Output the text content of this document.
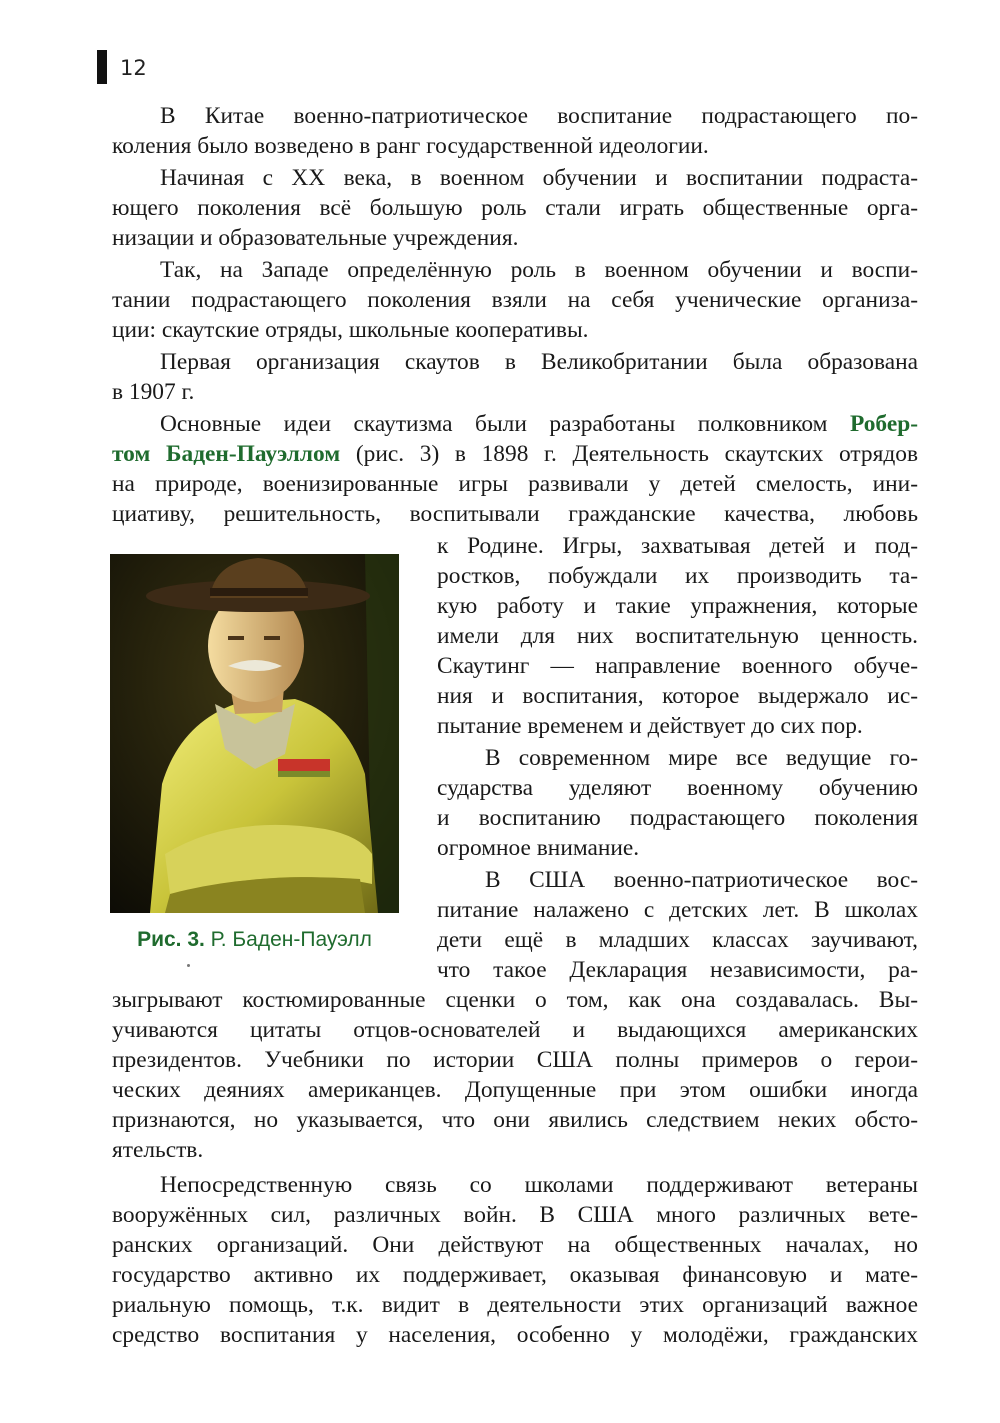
12
В Китае военно-патриотическое воспитание подрастающего по-
коления было возведено в ранг государственной идеологии.
Начиная с XX века, в военном обучении и воспитании подраста-
ющего поколения всё большую роль стали играть общественные орга-
низации и образовательные учреждения.
Так, на Западе определённую роль в военном обучении и воспи-
тании подрастающего поколения взяли на себя ученические организа-
ции: скаутские отряды, школьные кооперативы.
Первая организация скаутов в Великобритании была образована
в 1907 г.
Основные идеи скаутизма были разработаны полковником Робер-
том Баден-Пауэллом (рис. 3) в 1898 г. Деятельность скаутских отрядов
на природе, военизированные игры развивали у детей смелость, ини-
циативу, решительность, воспитывали гражданские качества, любовь
к Родине. Игры, захватывая детей и под-
ростков, побуждали их производить та-
кую работу и такие упражнения, которые
имели для них воспитательную ценность.
Скаутинг — направление военного обуче-
ния и воспитания, которое выдержало ис-
пытание временем и действует до сих пор.
В современном мире все ведущие го-
сударства уделяют военному обучению
и воспитанию подрастающего поколения
огромное внимание.
В США военно-патриотическое вос-
питание налажено с детских лет. В школах
дети ещё в младших классах заучивают,
что такое Декларация независимости, ра-
зыгрывают костюмированные сценки о том, как она создавалась. Вы-
учиваются цитаты отцов-основателей и выдающихся американских
президентов. Учебники по истории США полны примеров о герои-
ческих деяниях американцев. Допущенные при этом ошибки иногда
признаются, но указывается, что они явились следствием неких обсто-
ятельств.
Непосредственную связь со школами поддерживают ветераны
вооружённых сил, различных войн. В США много различных вете-
ранских организаций. Они действуют на общественных началах, но
государство активно их поддерживает, оказывая финансовую и мате-
риальную помощь, т.к. видит в деятельности этих организаций важное
средство воспитания у населения, особенно у молодёжи, гражданских
Рис. 3. Р. Баден-Пауэлл
